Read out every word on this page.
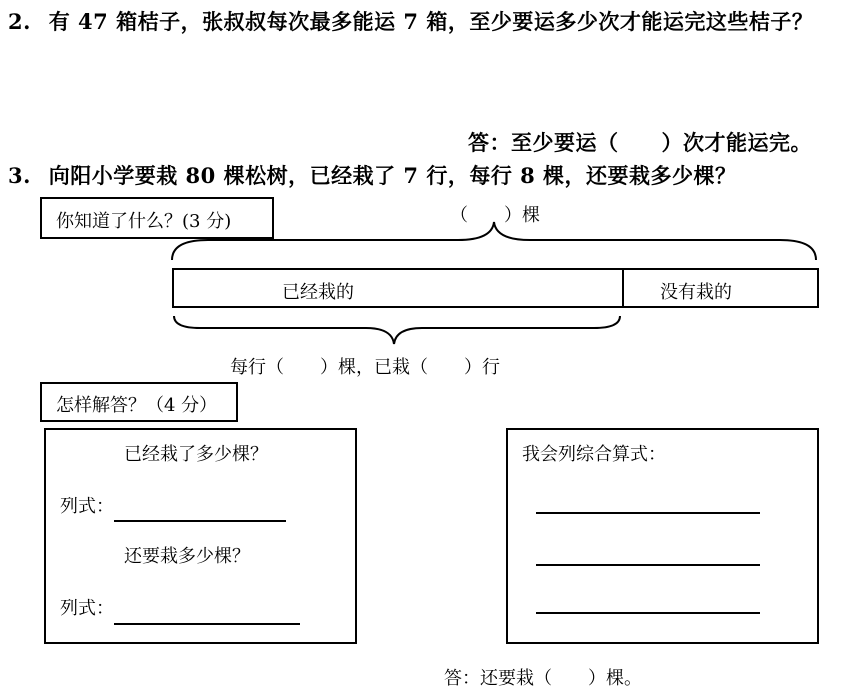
2. 有 47 箱桔子，张叔叔每次最多能运 7 箱，至少要运多少次才能运完这些桔子？
答：至少要运（　　）次才能运完。
3. 向阳小学要栽 80 棵松树，已经栽了 7 行，每行 8 棵，还要栽多少棵？
你知道了什么？(3 分)	（　　）棵
已经栽的	没有栽的
每行（　　）棵，已栽（　　）行
怎样解答？（4 分）
已经栽了多少棵？
列式：
还要栽多少棵？
列式：
我会列综合算式：
答：还要栽（　　）棵。
